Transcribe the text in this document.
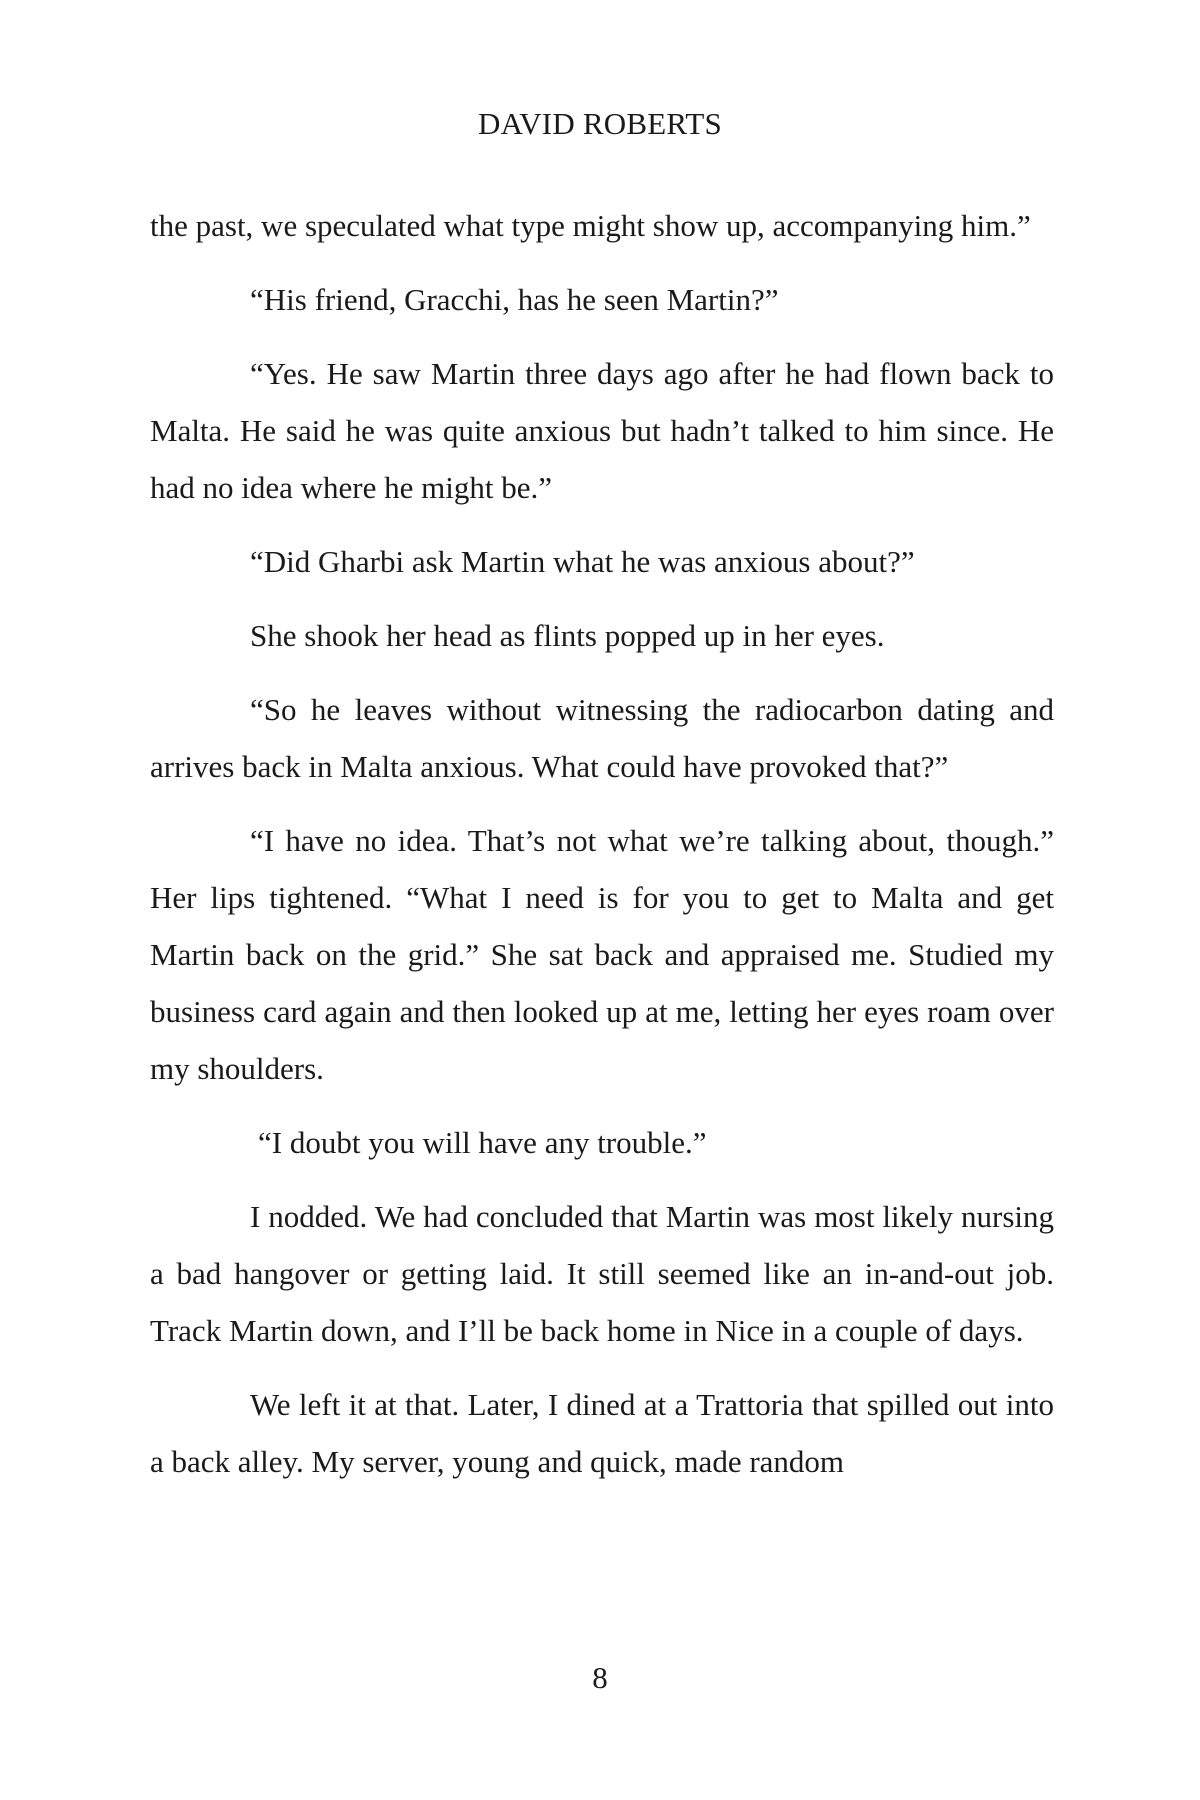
DAVID ROBERTS

the past, we speculated what type might show up, accompanying him.”

“His friend, Gracchi, has he seen Martin?”

“Yes. He saw Martin three days ago after he had flown back to Malta. He said he was quite anxious but hadn’t talked to him since. He had no idea where he might be.”

“Did Gharbi ask Martin what he was anxious about?”

She shook her head as flints popped up in her eyes.

“So he leaves without witnessing the radiocarbon dating and arrives back in Malta anxious. What could have provoked that?”

“I have no idea. That’s not what we’re talking about, though.” Her lips tightened. “What I need is for you to get to Malta and get Martin back on the grid.” She sat back and appraised me. Studied my business card again and then looked up at me, letting her eyes roam over my shoulders.

“I doubt you will have any trouble.”

I nodded. We had concluded that Martin was most likely nursing a bad hangover or getting laid. It still seemed like an in-and-out job. Track Martin down, and I’ll be back home in Nice in a couple of days.

We left it at that. Later, I dined at a Trattoria that spilled out into a back alley. My server, young and quick, made random

8
